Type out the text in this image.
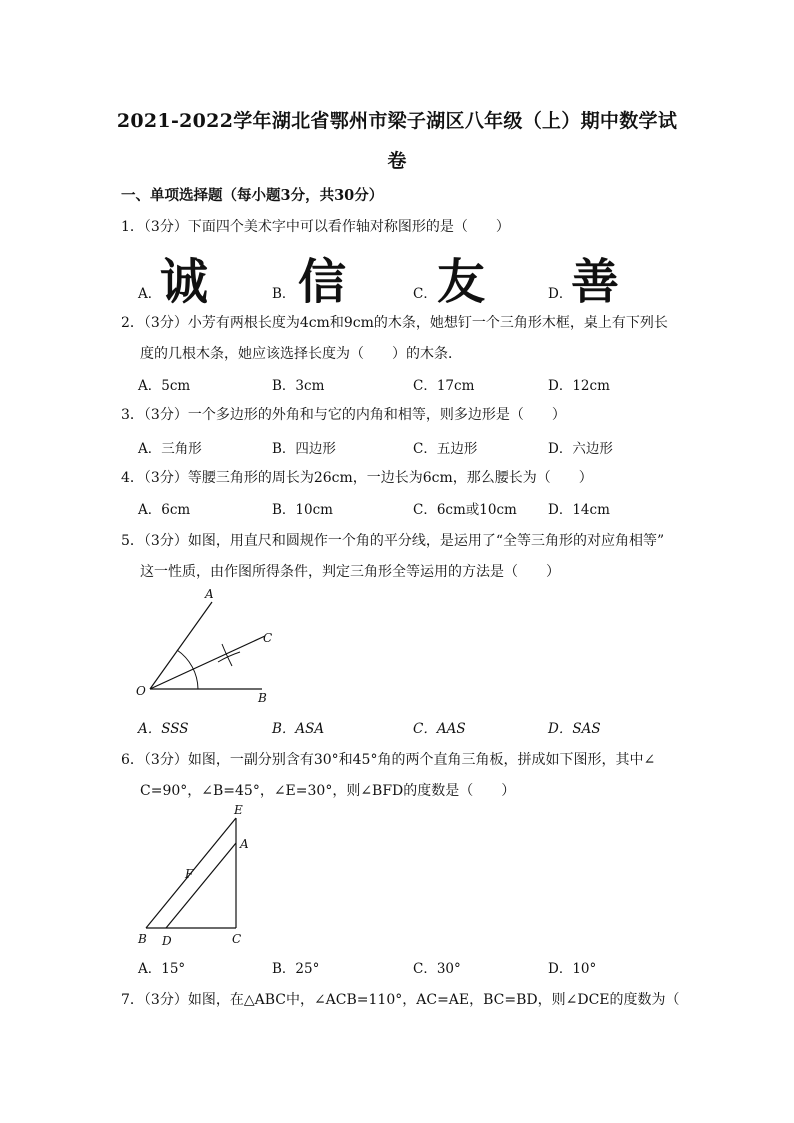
2021-2022学年湖北省鄂州市梁子湖区八年级（上）期中数学试
卷
一、单项选择题（每小题3分，共30分）
1．（3分）下面四个美术字中可以看作轴对称图形的是（　　）
诚 信 友 善
A．	B．	C．	D．
2．（3分）小芳有两根长度为4cm和9cm的木条，她想钉一个三角形木框，桌上有下列长
度的几根木条，她应该选择长度为（　　）的木条．
A．5cm	B．3cm	C．17cm	D．12cm
3．（3分）一个多边形的外角和与它的内角和相等，则多边形是（　　）
A．三角形	B．四边形	C．五边形	D．六边形
4．（3分）等腰三角形的周长为26cm，一边长为6cm，那么腰长为（　　）
A．6cm	B．10cm	C．6cm或10cm D．14cm
5．（3分）如图，用直尺和圆规作一个角的平分线，是运用了“全等三角形的对应角相等”
这一性质，由作图所得条件，判定三角形全等运用的方法是（　　）
A
C
O	B
A．SSS	B．ASA	C．AAS	D．SAS
6．（3分）如图，一副分别含有30°和45°角的两个直角三角板，拼成如下图形，其中∠
C=90°，∠B=45°，∠E=30°，则∠BFD的度数是（　　）
E
A
F
B D	C
A．15°	B．25°	C．30°	D．10°
7．（3分）如图，在△ABC中，∠ACB=110°，AC=AE，BC=BD，则∠DCE的度数为（
